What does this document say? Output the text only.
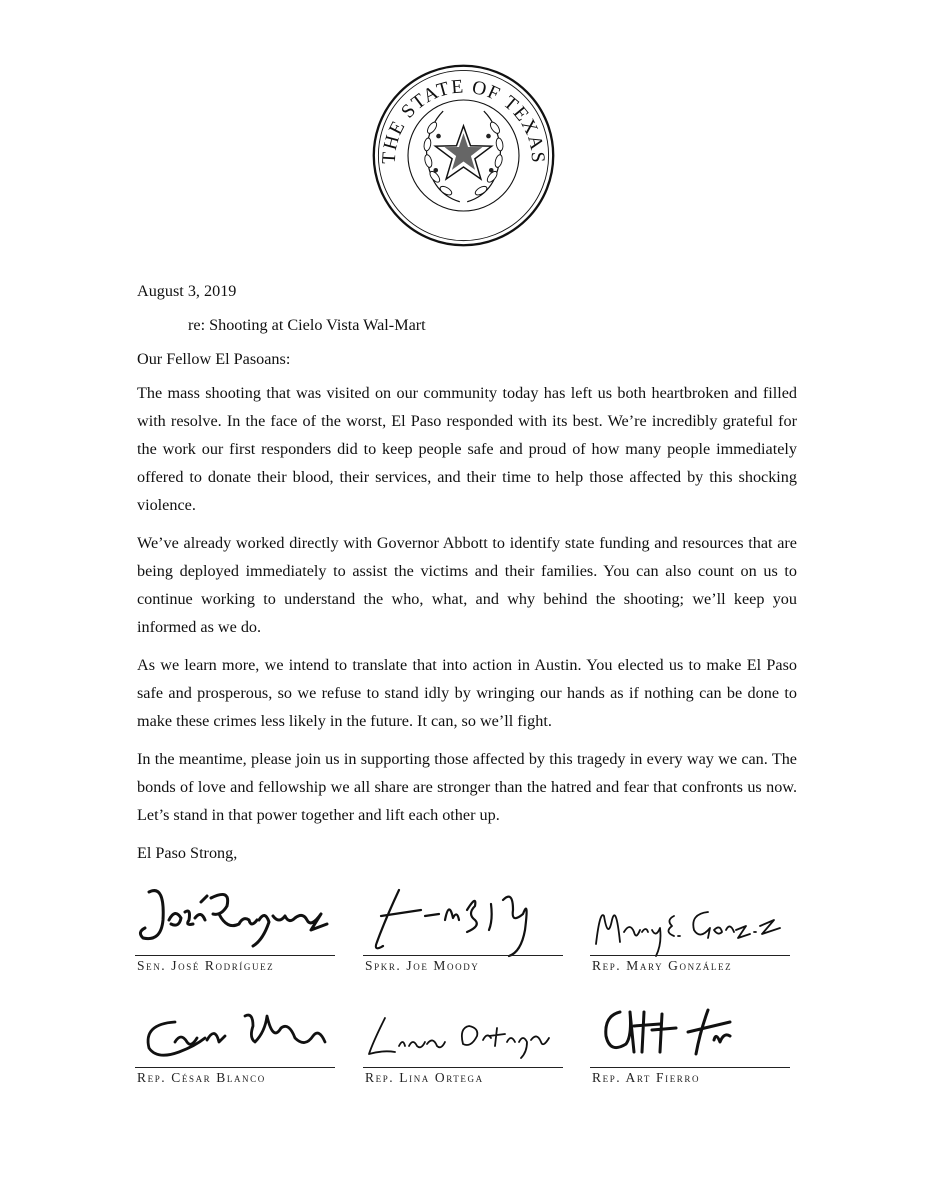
THE STATE OF TEXAS

August 3, 2019

re: Shooting at Cielo Vista Wal-Mart

Our Fellow El Pasoans:

The mass shooting that was visited on our community today has left us both heartbroken and filled with resolve. In the face of the worst, El Paso responded with its best. We’re incredibly grateful for the work our first responders did to keep people safe and proud of how many people immediately offered to donate their blood, their services, and their time to help those affected by this shocking violence.

We’ve already worked directly with Governor Abbott to identify state funding and resources that are being deployed immediately to assist the victims and their families. You can also count on us to continue working to understand the who, what, and why behind the shooting; we’ll keep you informed as we do.

As we learn more, we intend to translate that into action in Austin. You elected us to make El Paso safe and prosperous, so we refuse to stand idly by wringing our hands as if nothing can be done to make these crimes less likely in the future. It can, so we’ll fight.

In the meantime, please join us in supporting those affected by this tragedy in every way we can. The bonds of love and fellowship we all share are stronger than the hatred and fear that confronts us now. Let’s stand in that power together and lift each other up.

El Paso Strong,

Sen. José Rodríguez	Spkr. Joe Moody	Rep. Mary González
Rep. César Blanco	Rep. Lina Ortega	Rep. Art Fierro
